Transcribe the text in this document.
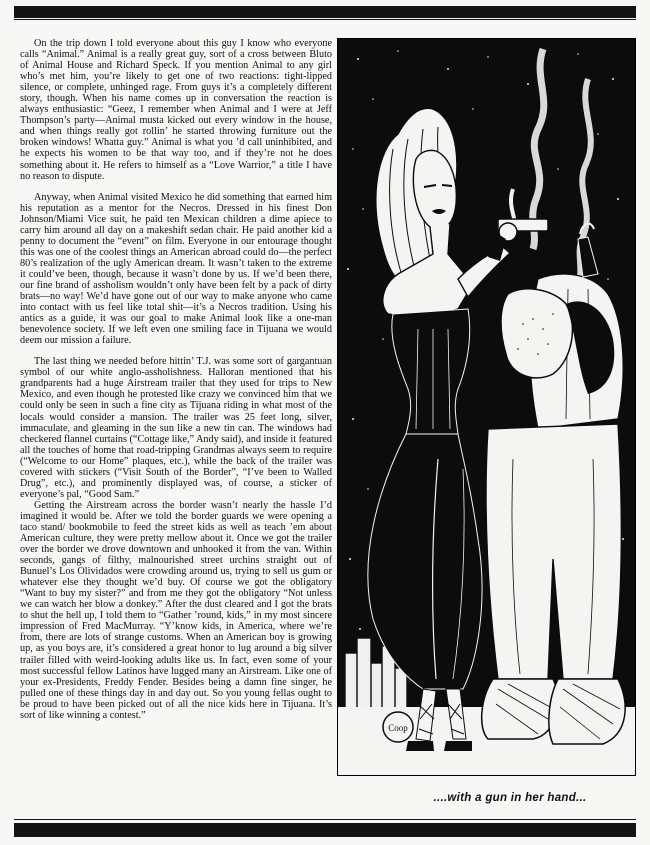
On the trip down I told everyone about this guy I know who everyone calls “Animal.” Animal is a really great guy, sort of a cross between Bluto of Animal House and Richard Speck. If you mention Animal to any girl who’s met him, you’re likely to get one of two reactions: tight-lipped silence, or complete, unhinged rage. From guys it’s a completely different story, though. When his name comes up in conversation the reaction is always enthusiastic: “Geez, I remember when Animal and I were at Jeff Thompson’s party—Animal musta kicked out every window in the house, and when things really got rollin’ he started throwing furniture out the broken windows! Whatta guy.” Animal is what you ’d call uninhibited, and he expects his women to be that way too, and if they’re not he does something about it. He refers to himself as a “Love Warrior,” a title I have no reason to dispute.

Anyway, when Animal visited Mexico he did something that earned him his reputation as a mentor for the Necros. Dressed in his finest Don Johnson/Miami Vice suit, he paid ten Mexican children a dime apiece to carry him around all day on a makeshift sedan chair. He paid another kid a penny to document the “event” on film. Everyone in our entourage thought this was one of the coolest things an American abroad could do—the perfect 80’s realization of the ugly American dream. It wasn’t taken to the extreme it could’ve been, though, because it wasn’t done by us. If we’d been there, our fine brand of assholism wouldn’t only have been felt by a pack of dirty brats—no way! We’d have gone out of our way to make anyone who came into contact with us feel like total shit—it’s a Necros tradition. Using his antics as a guide, it was our goal to make Animal look like a one-man benevolence society. If we left even one smiling face in Tijuana we would deem our mission a failure.

The last thing we needed before hittin’ T.J. was some sort of gargantuan symbol of our white anglo-assholishness. Halloran mentioned that his grandparents had a huge Airstream trailer that they used for trips to New Mexico, and even though he protested like crazy we convinced him that we could only be seen in such a fine city as Tijuana riding in what most of the locals would consider a mansion. The trailer was 25 feet long, silver, immaculate, and gleaming in the sun like a new tin can. The windows had checkered flannel curtains (“Cottage like,” Andy said), and inside it featured all the touches of home that road-tripping Grandmas always seem to require (“Welcome to our Home” plaques, etc.), while the back of the trailer was covered with stickers (“Visit South of the Border”, “I’ve been to Walled Drug”, etc.), and prominently displayed was, of course, a sticker of everyone’s pal, “Good Sam.”

Getting the Airstream across the border wasn’t nearly the hassle I’d imagined it would be. After we told the border guards we were opening a taco stand/ bookmobile to feed the street kids as well as teach ’em about American culture, they were pretty mellow about it. Once we got the trailer over the border we drove downtown and unhooked it from the van. Within seconds, gangs of filthy, malnourished street urchins straight out of Bunuel’s Los Olividados were crowding around us, trying to sell us gum or whatever else they thought we’d buy. Of course we got the obligatory “Want to buy my sister?” and from me they got the obligatory “Not unless we can watch her blow a donkey.” After the dust cleared and I got the brats to shut the hell up, I told them to “Gather ’round, kids,” in my most sincere impression of Fred MacMurray. “Y’know kids, in America, where we’re from, there are lots of strange customs. When an American boy is growing up, as you boys are, it’s considered a great honor to lug around a big silver trailer filled with weird-looking adults like us. In fact, even some of your most successful fellow Latinos have lugged many an Airstream. Like one of your ex-Presidents, Freddy Fender. Besides being a damn fine singer, he pulled one of these things day in and day out. So you young fellas ought to be proud to have been picked out of all the nice kids here in Tijuana. It’s sort of like winning a contest.”

Coop
....with a gun in her hand...
